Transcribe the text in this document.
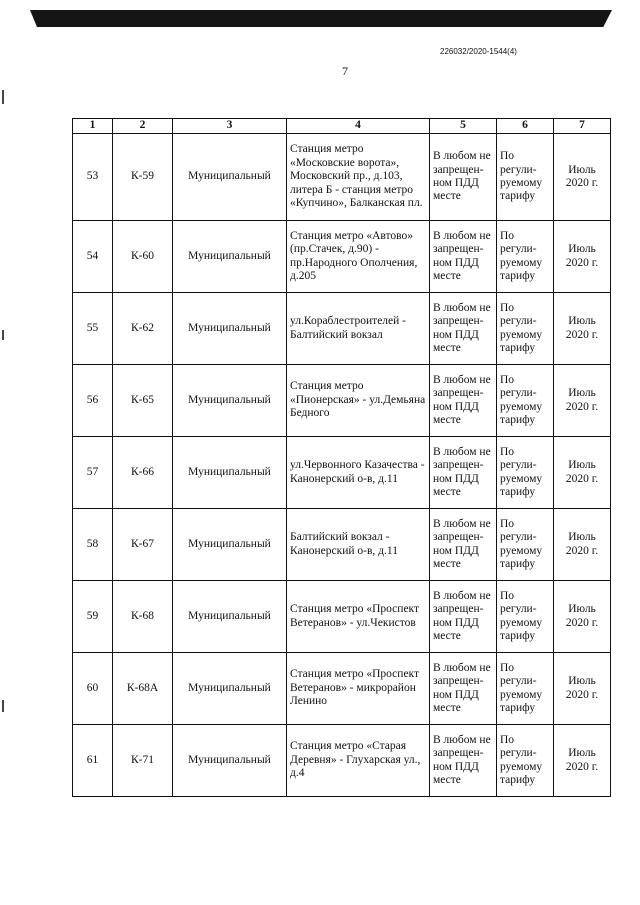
226032/2020-1544(4)
7
1	2	3	4	5	6	7
53	К-59	Муниципальный	Станция метро «Московские ворота», Московский пр., д.103, литера Б - станция метро «Купчино», Балканская пл.	В любом не запрещен-ном ПДД месте	По регули-руемому тарифу	Июль 2020 г.
54	К-60	Муниципальный	Станция метро «Автово» (пр.Стачек, д.90) - пр.Народного Ополчения, д.205	В любом не запрещен-ном ПДД месте	По регули-руемому тарифу	Июль 2020 г.
55	К-62	Муниципальный	ул.Кораблестроителей - Балтийский вокзал	В любом не запрещен-ном ПДД месте	По регули-руемому тарифу	Июль 2020 г.
56	К-65	Муниципальный	Станция метро «Пионерская» - ул.Демьяна Бедного	В любом не запрещен-ном ПДД месте	По регули-руемому тарифу	Июль 2020 г.
57	К-66	Муниципальный	ул.Червонного Казачества - Канонерский о-в, д.11	В любом не запрещен-ном ПДД месте	По регули-руемому тарифу	Июль 2020 г.
58	К-67	Муниципальный	Балтийский вокзал - Канонерский о-в, д.11	В любом не запрещен-ном ПДД месте	По регули-руемому тарифу	Июль 2020 г.
59	К-68	Муниципальный	Станция метро «Проспект Ветеранов» - ул.Чекистов	В любом не запрещен-ном ПДД месте	По регули-руемому тарифу	Июль 2020 г.
60	К-68А	Муниципальный	Станция метро «Проспект Ветеранов» - микрорайон Ленино	В любом не запрещен-ном ПДД месте	По регули-руемому тарифу	Июль 2020 г.
61	К-71	Муниципальный	Станция метро «Старая Деревня» - Глухарская ул., д.4	В любом не запрещен-ном ПДД месте	По регули-руемому тарифу	Июль 2020 г.
